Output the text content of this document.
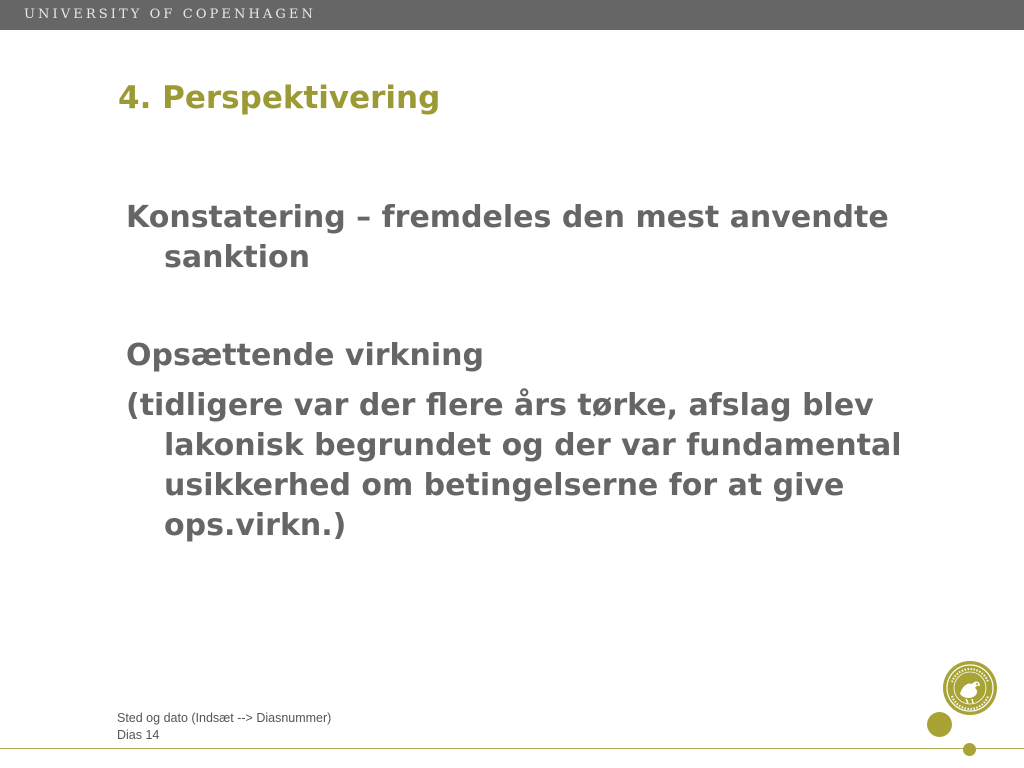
UNIVERSITY OF COPENHAGEN
4. Perspektivering

Konstatering – fremdeles den mest anvendte sanktion

Opsættende virkning

(tidligere var der flere års tørke, afslag blev lakonisk begrundet og der var fundamental usikkerhed om betingelserne for at give ops.virkn.)

Sted og dato (Indsæt --> Diasnummer)
Dias 14
